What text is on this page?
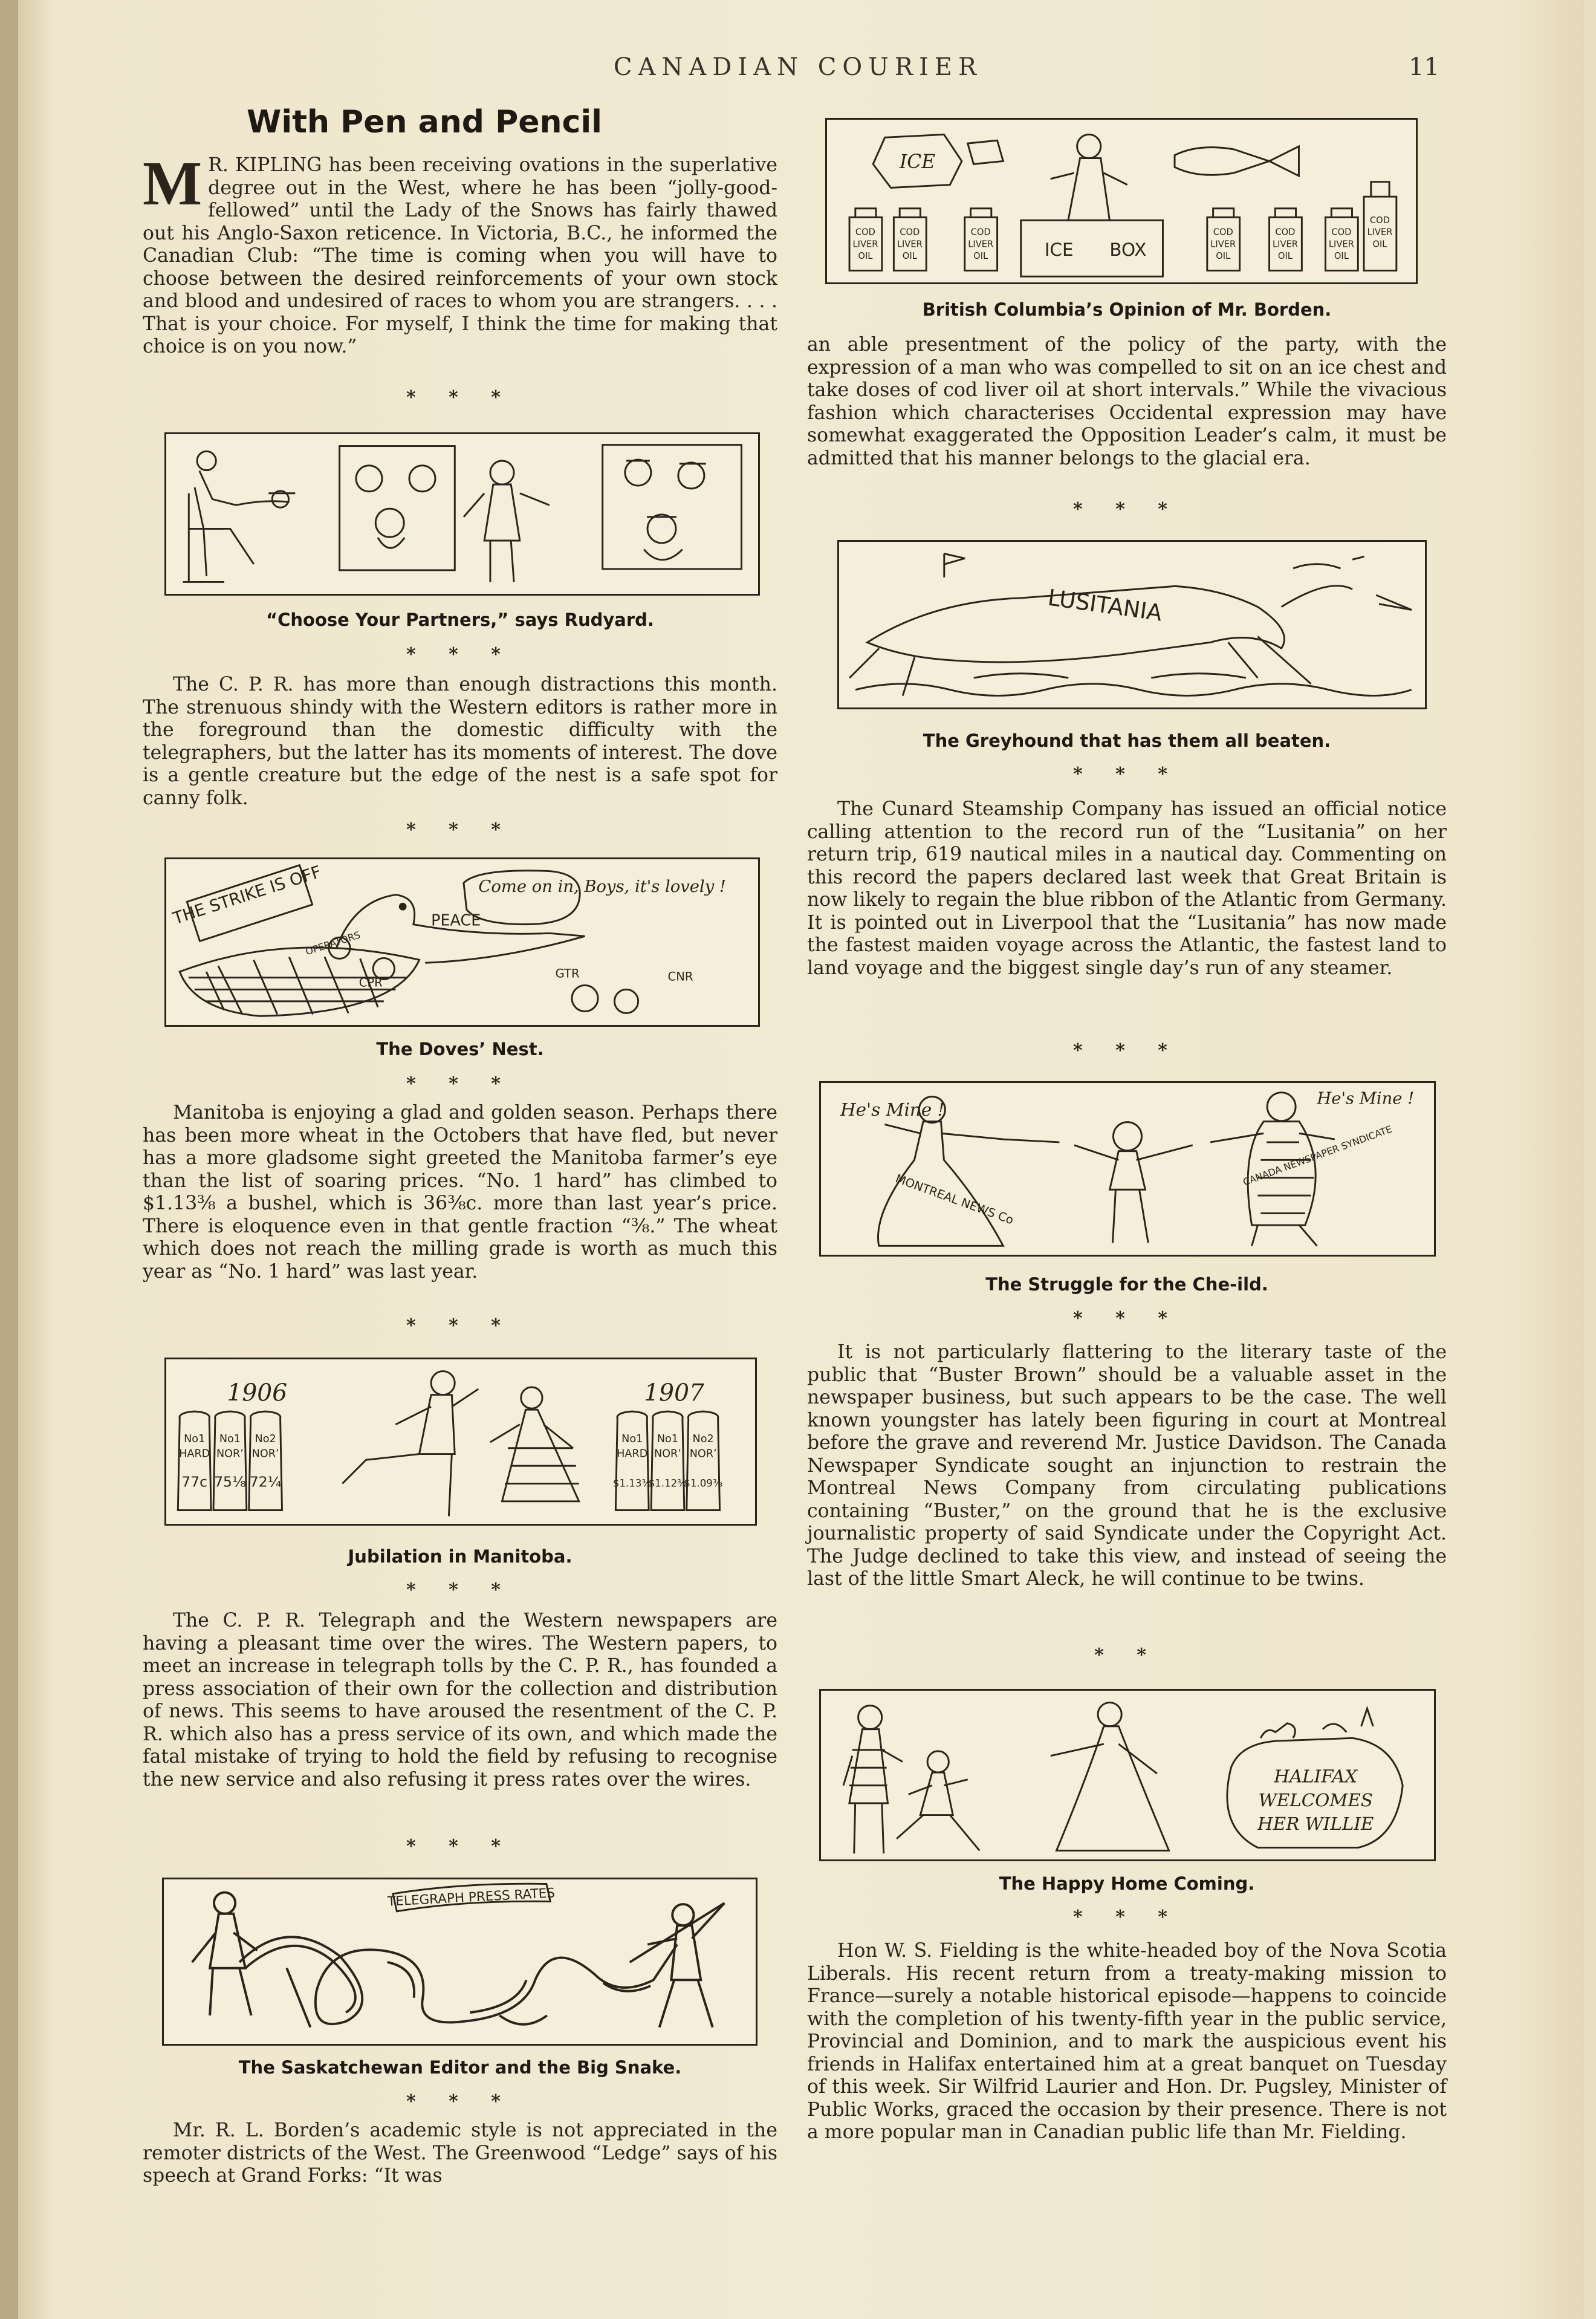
CANADIAN COURIER	11
With Pen and Pencil
M R. KIPLING has been receiving ovations in the superlative degree out in the West, where he has been “jolly-good-fellowed” until the Lady of the Snows has fairly thawed out his Anglo-Saxon reticence. In Victoria, B.C., he informed the Canadian Club: “The time is coming when you will have to choose between the desired reinforcements of your own stock and blood and undesired of races to whom you are strangers. . . . That is your choice. For myself, I think the time for making that choice is on you now.”
* * *
“Choose Your Partners,” says Rudyard.
* * *
The C. P. R. has more than enough distractions this month. The strenuous shindy with the Western editors is rather more in the foreground than the domestic difficulty with the telegraphers, but the latter has its moments of interest. The dove is a gentle creature but the edge of the nest is a safe spot for canny folk.
* * *
THE STRIKE IS OFF	PEACE
OPERATORS
CPR
Come on in, Boys, it's lovely !
GTR	CNR
The Doves’ Nest.
* * *
Manitoba is enjoying a glad and golden season. Perhaps there has been more wheat in the Octobers that have fled, but never has a more gladsome sight greeted the Manitoba farmer’s eye than the list of soaring prices. “No. 1 hard” has climbed to $1.13⅜ a bushel, which is 36⅜c. more than last year’s price. There is eloquence even in that gentle fraction “⅜.” The wheat which does not reach the milling grade is worth as much this year as “No. 1 hard” was last year.
* * *
1906	1907
No1
HARD
77c
No1
NOR’
75⅛
No2
NOR’
72¼
No1
HARD
$1.13⅜
No1
NOR’
$1.12⅜
No2
NOR’
$1.09⅜
Jubilation in Manitoba.
* * *
The C. P. R. Telegraph and the Western newspapers are having a pleasant time over the wires. The Western papers, to meet an increase in telegraph tolls by the C. P. R., has founded a press association of their own for the collection and distribution of news. This seems to have aroused the resentment of the C. P. R. which also has a press service of its own, and which made the fatal mistake of trying to hold the field by refusing to recognise the new service and also refusing it press rates over the wires.
* * *
TELEGRAPH PRESS RATES
The Saskatchewan Editor and the Big Snake.
* * *
Mr. R. L. Borden’s academic style is not appreciated in the remoter districts of the West. The Greenwood “Ledge” says of his speech at Grand Forks: “It was
ICE
ICE BOX
COD
LIVER
OIL
COD
LIVER
OIL
COD
LIVER
OIL
COD
LIVER
OIL
COD
LIVER
OIL
COD
LIVER
OIL
COD
LIVER
OIL
British Columbia’s Opinion of Mr. Borden.
an able presentment of the policy of the party, with the expression of a man who was compelled to sit on an ice chest and take doses of cod liver oil at short intervals.” While the vivacious fashion which characterises Occidental expression may have somewhat exaggerated the Opposition Leader’s calm, it must be admitted that his manner belongs to the glacial era.
* * *
LUSITANIA
The Greyhound that has them all beaten.
* * *
The Cunard Steamship Company has issued an official notice calling attention to the record run of the “Lusitania” on her return trip, 619 nautical miles in a nautical day. Commenting on this record the papers declared last week that Great Britain is now likely to regain the blue ribbon of the Atlantic from Germany. It is pointed out in Liverpool that the “Lusitania” has now made the fastest maiden voyage across the Atlantic, the fastest land to land voyage and the biggest single day’s run of any steamer.
* * *
He's Mine !
He's Mine !
MONTREAL NEWS Co
CANADA NEWSPAPER SYNDICATE
The Struggle for the Che-ild.
* * *
It is not particularly flattering to the literary taste of the public that “Buster Brown” should be a valuable asset in the newspaper business, but such appears to be the case. The well known youngster has lately been figuring in court at Montreal before the grave and reverend Mr. Justice Davidson. The Canada Newspaper Syndicate sought an injunction to restrain the Montreal News Company from circulating publications containing “Buster,” on the ground that he is the exclusive journalistic property of said Syndicate under the Copyright Act. The Judge declined to take this view, and instead of seeing the last of the little Smart Aleck, he will continue to be twins.
* *
HALIFAX
WELCOMES
HER WILLIE
The Happy Home Coming.
* * *
Hon W. S. Fielding is the white-headed boy of the Nova Scotia Liberals. His recent return from a treaty-making mission to France—surely a notable historical episode—happens to coincide with the completion of his twenty-fifth year in the public service, Provincial and Dominion, and to mark the auspicious event his friends in Halifax entertained him at a great banquet on Tuesday of this week. Sir Wilfrid Laurier and Hon. Dr. Pugsley, Minister of Public Works, graced the occasion by their presence. There is not a more popular man in Canadian public life than Mr. Fielding.
